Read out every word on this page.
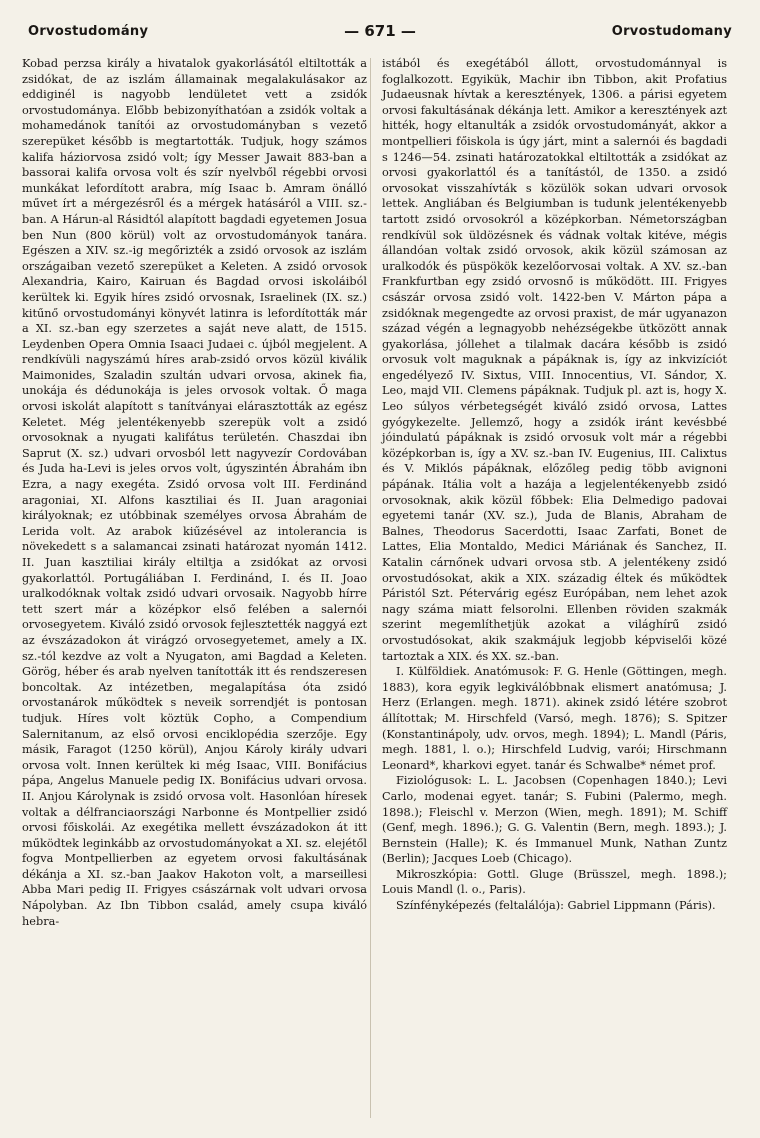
Orvostudomány	— 671 —	Orvostudomany

Kobad perzsa király a hivatalok gyakorlásától eltiltották a zsidókat, de az iszlám államainak megalakulásakor az eddiginél is nagyobb lendületet vett a zsidók orvostudománya. Előbb bebizonyíthatóan a zsidók voltak a mohamedánok tanítói az orvostudományban s vezető szerepüket később is megtartották. Tudjuk, hogy számos kalifa háziorvosa zsidó volt; így Messer Jawait 883-ban a bassorai kalifa orvosa volt és szír nyelvből régebbi orvosi munkákat lefordított arabra, míg Isaac b. Amram önálló művet írt a mérgezésről és a mérgek hatásáról a VIII. sz.-ban. A Hárun-al Rásidtól alapított bagdadi egyetemen Josua ben Nun (800 körül) volt az orvostudományok tanára. Egészen a XIV. sz.-ig megőrizték a zsidó orvosok az iszlám országaiban vezető szerepüket a Keleten. A zsidó orvosok Alexandria, Kairo, Kairuan és Bagdad orvosi iskoláiból kerültek ki. Egyik híres zsidó orvosnak, Israelinek (IX. sz.) kitűnő orvostudományi könyvét latinra is lefordították már a XI. sz.-ban egy szerzetes a saját neve alatt, de 1515. Leydenben Opera Omnia Isaaci Judaei c. újból megjelent. A rendkívüli nagyszámú híres arab-zsidó orvos közül kiválik Maimonides, Szaladin szultán udvari orvosa, akinek fia, unokája és dédunokája is jeles orvosok voltak. Ő maga orvosi iskolát alapított s tanítványai elárasztották az egész Keletet. Még jelentékenyebb szerepük volt a zsidó orvosoknak a nyugati kalifátus területén. Chaszdai ibn Saprut (X. sz.) udvari orvosból lett nagyvezír Cordovában és Juda ha-Levi is jeles orvos volt, úgyszintén Ábrahám ibn Ezra, a nagy exegéta. Zsidó orvosa volt III. Ferdinánd aragoniai, XI. Alfons kasztiliai és II. Juan aragoniai királyoknak; ez utóbbinak személyes orvosa Ábrahám de Lerida volt. Az arabok kiűzésével az intolerancia is növekedett s a salamancai zsinati határozat nyomán 1412. II. Juan kasztiliai király eltiltja a zsidókat az orvosi gyakorlattól. Portugáliában I. Ferdinánd, I. és II. Joao uralkodóknak voltak zsidó udvari orvosaik. Nagyobb hírre tett szert már a középkor első felében a salernói orvosegyetem. Kiváló zsidó orvosok fejlesztették naggyá ezt az évszázadokon át virágzó orvosegyetemet, amely a IX. sz.-tól kezdve az volt a Nyugaton, ami Bagdad a Keleten. Görög, héber és arab nyelven tanították itt és rendszeresen boncoltak. Az intézetben, megalapítása óta zsidó orvostanárok működtek s neveik sorrendjét is pontosan tudjuk. Híres volt köztük Copho, a Compendium Salernitanum, az első orvosi enciklopédia szerzője. Egy másik, Faragot (1250 körül), Anjou Károly király udvari orvosa volt. Innen kerültek ki még Isaac, VIII. Bonifácius pápa, Angelus Manuele pedig IX. Bonifácius udvari orvosa. II. Anjou Károlynak is zsidó orvosa volt. Hasonlóan híresek voltak a délfranciaországi Narbonne és Montpellier zsidó orvosi főiskolái. Az exegétika mellett évszázadokon át itt működtek leginkább az orvostudományokat a XI. sz. elejétől fogva Montpellierben az egyetem orvosi fakultásának dékánja a XI. sz.-ban Jaakov Hakoton volt, a marseillesi Abba Mari pedig II. Frigyes császárnak volt udvari orvosa Nápolyban. Az Ibn Tibbon család, amely csupa kiváló hebra-

istából és exegétából állott, orvostudománnyal is foglalkozott. Egyikük, Machir ibn Tibbon, akit Profatius Judaeusnak hívtak a keresztények, 1306. a párisi egyetem orvosi fakultásának dékánja lett. Amikor a keresztények azt hitték, hogy eltanulták a zsidók orvostudományát, akkor a montpellieri főiskola is úgy járt, mint a salernói és bagdadi s 1246—54. zsinati határozatokkal eltiltották a zsidókat az orvosi gyakorlattól és a tanítástól, de 1350. a zsidó orvosokat visszahívták s közülök sokan udvari orvosok lettek. Angliában és Belgiumban is tudunk jelentékenyebb tartott zsidó orvosokról a középkorban. Németországban rendkívül sok üldözésnek és vádnak voltak kitéve, mégis állandóan voltak zsidó orvosok, akik közül számosan az uralkodók és püspökök kezelőorvosai voltak. A XV. sz.-ban Frankfurtban egy zsidó orvosnő is működött. III. Frigyes császár orvosa zsidó volt. 1422-ben V. Márton pápa a zsidóknak megengedte az orvosi praxist, de már ugyanazon század végén a legnagyobb nehézségekbe ütközött annak gyakorlása, jóllehet a tilalmak dacára később is zsidó orvosuk volt maguknak a pápáknak is, így az inkvizíciót engedélyező IV. Sixtus, VIII. Innocentius, VI. Sándor, X. Leo, majd VII. Clemens pápáknak. Tudjuk pl. azt is, hogy X. Leo súlyos vérbetegségét kiváló zsidó orvosa, Lattes gyógykezelte. Jellemző, hogy a zsidók iránt kevésbbé jóindulatú pápáknak is zsidó orvosuk volt már a régebbi középkorban is, így a XV. sz.-ban IV. Eugenius, III. Calixtus és V. Miklós pápáknak, előzőleg pedig több avignoni pápának. Itália volt a hazája a legjelentékenyebb zsidó orvosoknak, akik közül főbbek: Elia Delmedigo padovai egyetemi tanár (XV. sz.), Juda de Blanis, Abraham de Balnes, Theodorus Sacerdotti, Isaac Zarfati, Bonet de Lattes, Elia Montaldo, Medici Máriának és Sanchez, II. Katalin cárnőnek udvari orvosa stb. A jelentékeny zsidó orvostudósokat, akik a XIX. századig éltek és működtek Páristól Szt. Pétervárig egész Európában, nem lehet azok nagy száma miatt felsorolni. Ellenben röviden szakmák szerint megemlíthetjük azokat a világhírű zsidó orvostudósokat, akik szakmájuk legjobb képviselői közé tartoztak a XIX. és XX. sz.-ban.

I. Külföldiek. Anatómusok: F. G. Henle (Göttingen, megh. 1883), kora egyik legkiválóbbnak elismert anatómusa; J. Herz (Erlangen. megh. 1871). akinek zsidó létére szobrot állítottak; M. Hirschfeld (Varsó, megh. 1876); S. Spitzer (Konstantinápoly, udv. orvos, megh. 1894); L. Mandl (Páris, megh. 1881, l. o.); Hirschfeld Ludvig, varói; Hirschmann Leonard*, kharkovi egyet. tanár és Schwalbe* német prof.

Fiziológusok: L. L. Jacobsen (Copenhagen 1840.); Levi Carlo, modenai egyet. tanár; S. Fubini (Palermo, megh. 1898.); Fleischl v. Merzon (Wien, megh. 1891); M. Schiff (Genf, megh. 1896.); G. G. Valentin (Bern, megh. 1893.); J. Bernstein (Halle); K. és Immanuel Munk, Nathan Zuntz (Berlin); Jacques Loeb (Chicago).

Mikroszkópia: Gottl. Gluge (Brüsszel, megh. 1898.); Louis Mandl (l. o., Paris).

Színfényképezés (feltalálója): Gabriel Lippmann (Páris).
